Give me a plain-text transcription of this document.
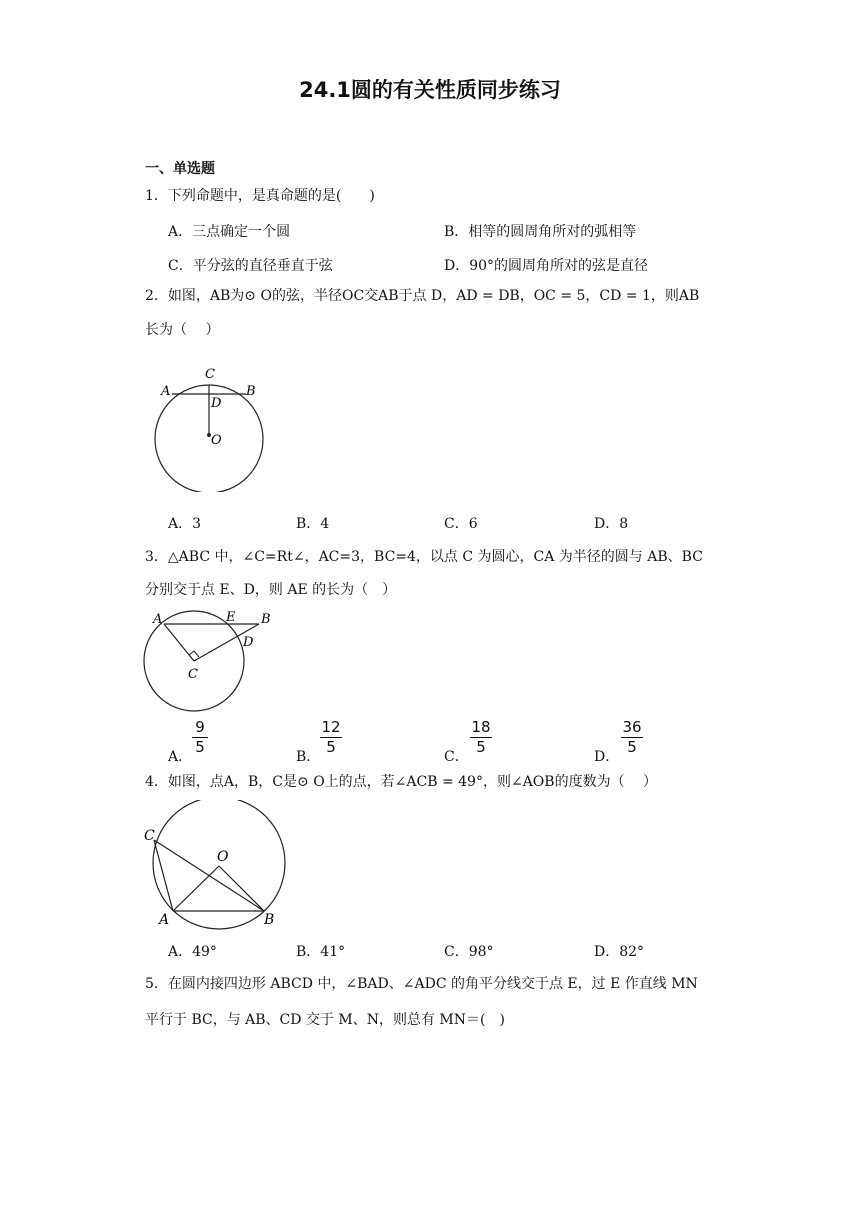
24.1圆的有关性质同步练习
一、单选题
1．下列命题中，是真命题的是(　　)
A．三点确定一个圆	B．相等的圆周角所对的弧相等
C．平分弦的直径垂直于弦	D．90°的圆周角所对的弦是直径
2．如图，AB为⊙ O的弦，半径OC交AB于点 D，AD = DB，OC = 5，CD = 1，则AB
长为（　 ）
A	B
C
D
O
A．3	B．4	C．6	D．8
3．△ABC 中，∠C=Rt∠，AC=3，BC=4，以点 C 为圆心，CA 为半径的圆与 AB、BC
分别交于点 E、D，则 AE 的长为（　）
A	E B
D
C
A．
9
5
B．
12
5
C．
18
5
D．
36
5
4．如图，点A，B，C是⊙ O上的点，若∠ACB = 49°，则∠AOB的度数为（　 ）
C
O
A	B
A．49°	B．41°	C．98°	D．82°
5．在圆内接四边形 ABCD 中，∠BAD、∠ADC 的角平分线交于点 E，过 E 作直线 MN
平行于 BC，与 AB、CD 交于 M、N，则总有 MN＝(　)
